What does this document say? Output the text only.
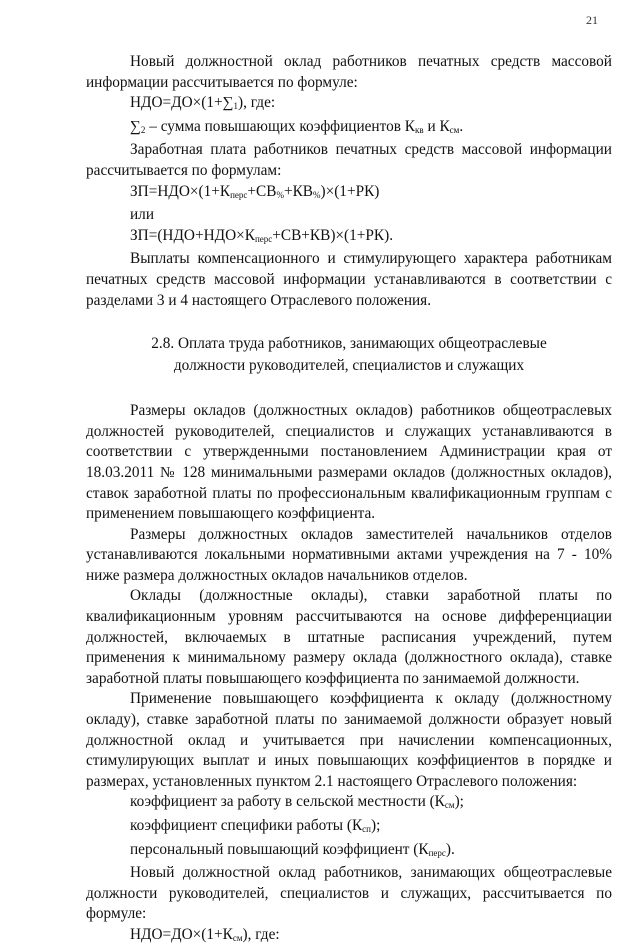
21

Новый должностной оклад работников печатных средств массовой информации рассчитывается по формуле:

$НДО=ДО\times(1+\sum_1)$, где:

$\sum_2$ – сумма повышающих коэффициентов $К_{кв}$ и $К_{см}$.

Заработная плата работников печатных средств массовой информации рассчитывается по формулам:

$ЗП=НДО\times(1+К_{перс}+СВ_{\%}+КВ_{\%})\times(1+РК)$

или

$ЗП=(НДО+НДО\times К_{перс}+СВ+КВ)\times(1+РК)$.

Выплаты компенсационного и стимулирующего характера работникам печатных средств массовой информации устанавливаются в соответствии с разделами 3 и 4 настоящего Отраслевого положения.

2.8. Оплата труда работников, занимающих общеотраслевые
должности руководителей, специалистов и служащих

Размеры окладов (должностных окладов) работников общеотраслевых должностей руководителей, специалистов и служащих устанавливаются в соответствии с утвержденными постановлением Администрации края от 18.03.2011 № 128 минимальными размерами окладов (должностных окладов), ставок заработной платы по профессиональным квалификационным группам с применением повышающего коэффициента.

Размеры должностных окладов заместителей начальников отделов устанавливаются локальными нормативными актами учреждения на 7 - 10% ниже размера должностных окладов начальников отделов.

Оклады (должностные оклады), ставки заработной платы по квалификационным уровням рассчитываются на основе дифференциации должностей, включаемых в штатные расписания учреждений, путем применения к минимальному размеру оклада (должностного оклада), ставке заработной платы повышающего коэффициента по занимаемой должности.

Применение повышающего коэффициента к окладу (должностному окладу), ставке заработной платы по занимаемой должности образует новый должностной оклад и учитывается при начислении компенсационных, стимулирующих выплат и иных повышающих коэффициентов в порядке и размерах, установленных пунктом 2.1 настоящего Отраслевого положения:

коэффициент за работу в сельской местности $(К_{см})$;

коэффициент специфики работы $(К_{сп})$;

персональный повышающий коэффициент $(К_{перс})$.

Новый должностной оклад работников, занимающих общеотраслевые должности руководителей, специалистов и служащих, рассчитывается по формуле:

$НДО=ДО\times(1+К_{см})$, где:
